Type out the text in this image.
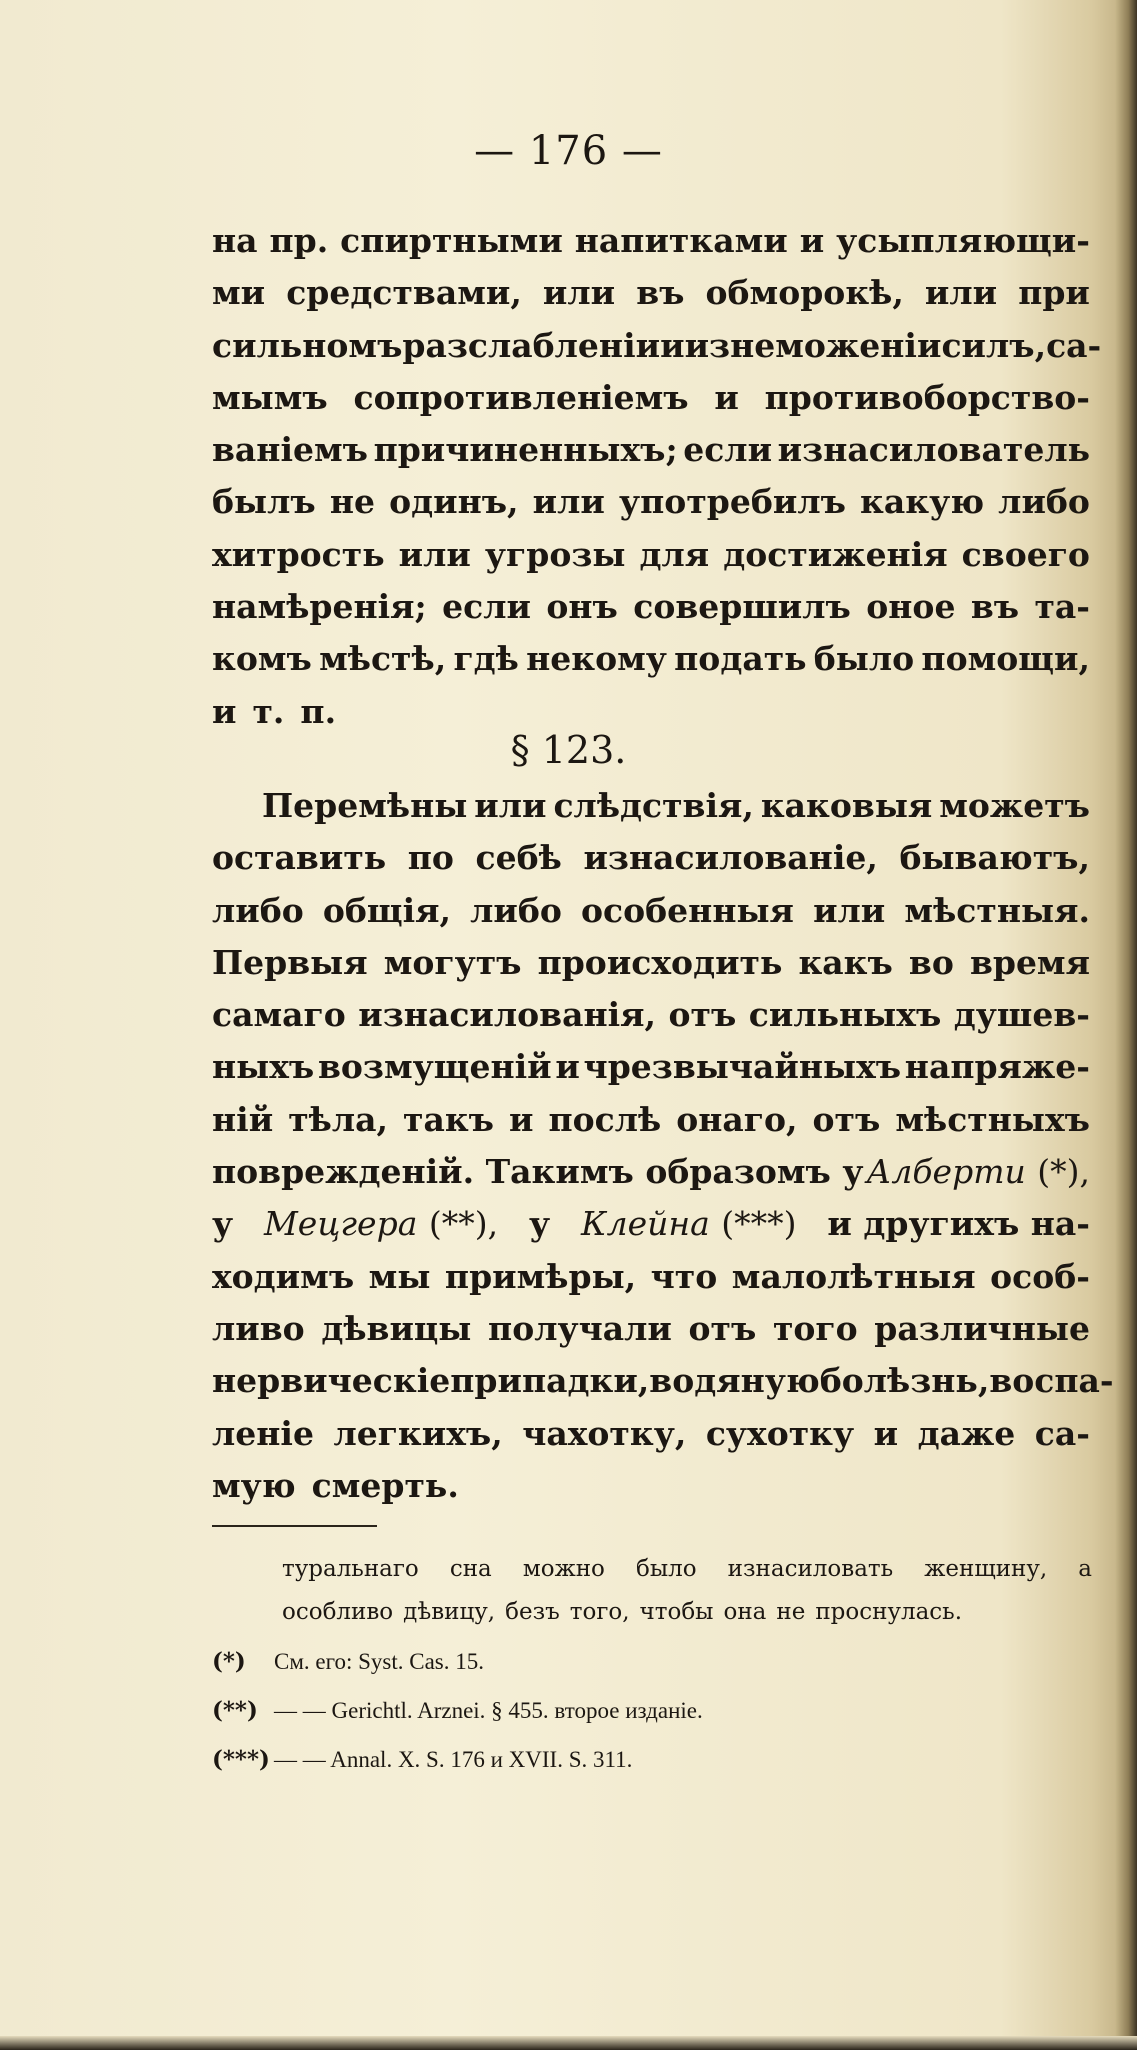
— 176 —
на пр. спиртными напитками и усыпляющи-
ми средствами, или въ обморокѣ, или при
сильномъ разслабленіи и изнеможеніи силъ, са-
мымъ сопротивленіемъ и противоборство-
ваніемъ причиненныхъ; если изнасилователь
былъ не одинъ, или употребилъ какую либо
хитрость или угрозы для достиженія своего
намѣренія; если онъ совершилъ оное въ та-
комъ мѣстѣ, гдѣ некому подать было помощи,
и т. п.
§ 123.
Перемѣны или слѣдствія, каковыя можетъ
оставить по себѣ изнасилованіе, бываютъ,
либо общія, либо особенныя или мѣстныя.
Первыя могутъ происходить какъ во время
самаго изнасилованія, отъ сильныхъ душев-
ныхъ возмущеній и чрезвычайныхъ напряже-
ній тѣла, такъ и послѣ онаго, отъ мѣстныхъ
поврежденій. Такимъ образомъ у Алберти (*),
у Мецгера (**), у Клейна (***) и другихъ на-
ходимъ мы примѣры, что малолѣтныя особ-
ливо дѣвицы получали отъ того различные
нервическіе припадки, водяную болѣзнь, воспа-
леніе легкихъ, чахотку, сухотку и даже са-
мую смерть.
туральнаго сна можно было изнасиловать женщину, а
особливо дѣвицу, безъ того, чтобы она не проснулась.
(*)	См. его: Syst. Cas. 15.
(**) — — Gerichtl. Arznei. § 455. второе изданіе.
(***) — — Annal. X. S. 176 и XVII. S. 311.
